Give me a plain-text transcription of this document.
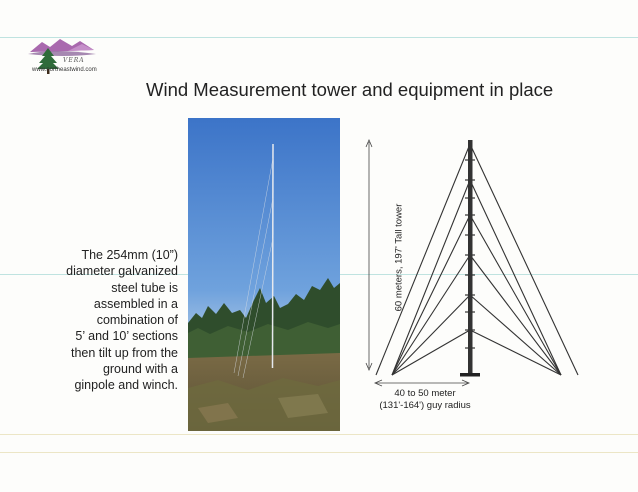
VERA
www.northeastwind.com
Wind Measurement tower and equipment in place
The 254mm (10”)
diameter galvanized
steel tube is
assembled in a
combination of
5’ and 10’ sections
then tilt up from the
ground with a
ginpole and winch.
60 meters, 197' Tall tower
40 to 50 meter
(131'-164') guy radius
